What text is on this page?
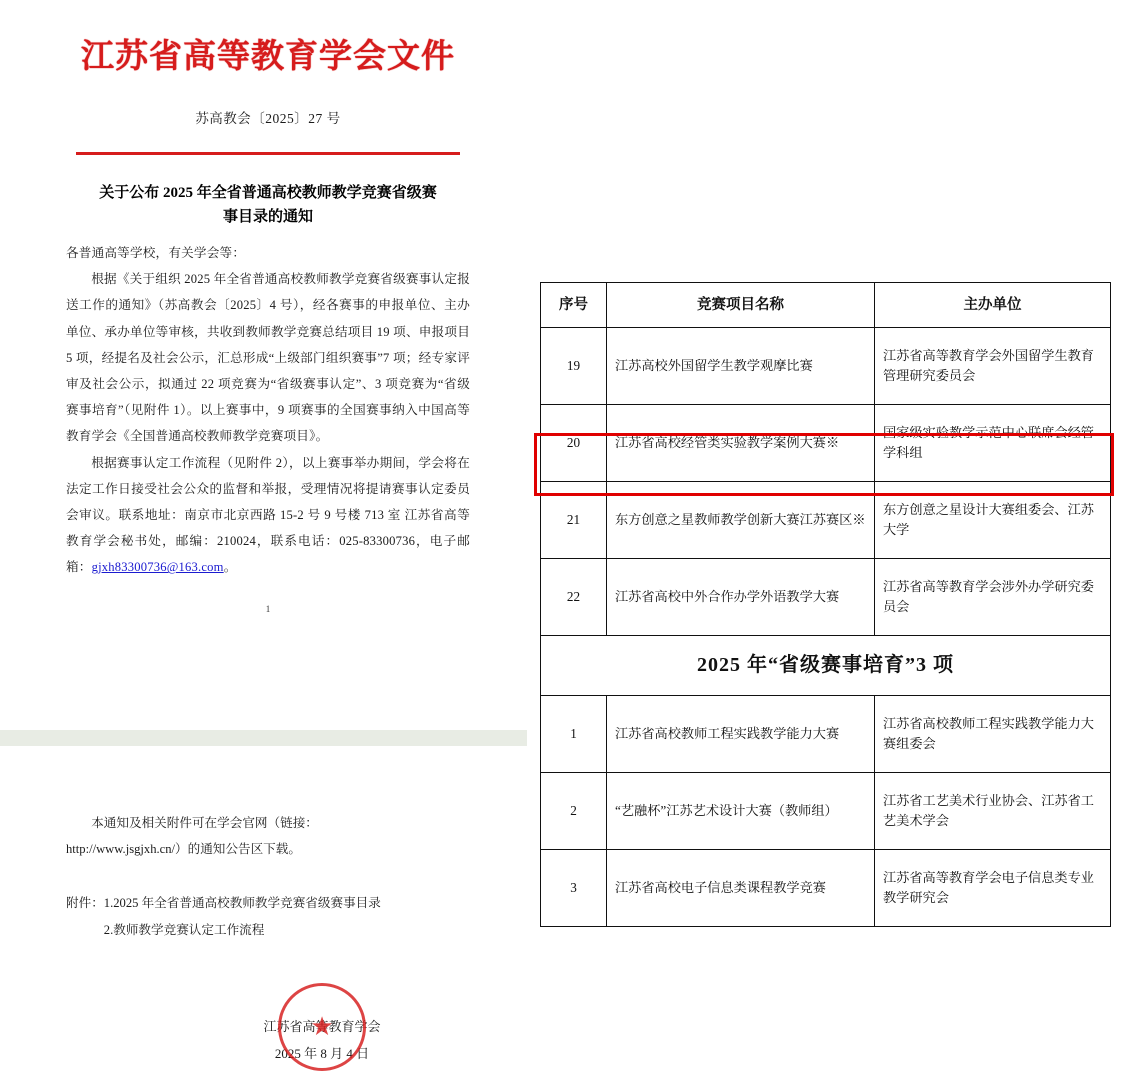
江苏省高等教育学会文件
苏高教会〔2025〕27 号
关于公布 2025 年全省普通高校教师教学竞赛省级赛
事目录的通知

各普通高等学校，有关学会等：

根据《关于组织 2025 年全省普通高校教师教学竞赛省级赛事认定报送工作的通知》（苏高教会〔2025〕4 号），经各赛事的申报单位、主办单位、承办单位等审核，共收到教师教学竞赛总结项目 19 项、申报项目 5 项，经提名及社会公示，汇总形成“上级部门组织赛事”7 项；经专家评审及社会公示，拟通过 22 项竞赛为“省级赛事认定”、3 项竞赛为“省级赛事培育”（见附件 1）。以上赛事中，9 项赛事的全国赛事纳入中国高等教育学会《全国普通高校教师教学竞赛项目》。

根据赛事认定工作流程（见附件 2），以上赛事举办期间，学会将在法定工作日接受社会公众的监督和举报，受理情况将提请赛事认定委员会审议。联系地址：南京市北京西路 15-2 号 9 号楼 713 室 江苏省高等教育学会秘书处，邮编：210024，联系电话：025-83300736，电子邮箱：gjxh83300736@163.com。

1
本通知及相关附件可在学会官网（链接：
http://www.jsgjxh.cn/）的通知公告区下载。
附件：1.2025 年全省普通高校教师教学竞赛省级赛事目录
2.教师教学竞赛认定工作流程
江苏省高等教育学会
2025 年 8 月 4 日
★
序号	竞赛项目名称	主办单位
19	江苏高校外国留学生教学观摩比赛	江苏省高等教育学会外国留学生教育管理研究委员会
20	江苏省高校经管类实验教学案例大赛※	国家级实验教学示范中心联席会经管学科组
21	东方创意之星教师教学创新大赛江苏赛区※	东方创意之星设计大赛组委会、江苏大学
22	江苏省高校中外合作办学外语教学大赛	江苏省高等教育学会涉外办学研究委员会
2025 年“省级赛事培育”3 项		
1	江苏省高校教师工程实践教学能力大赛	江苏省高校教师工程实践教学能力大赛组委会
2	“艺融杯”江苏艺术设计大赛（教师组）	江苏省工艺美术行业协会、江苏省工艺美术学会
3	江苏省高校电子信息类课程教学竞赛	江苏省高等教育学会电子信息类专业教学研究会
